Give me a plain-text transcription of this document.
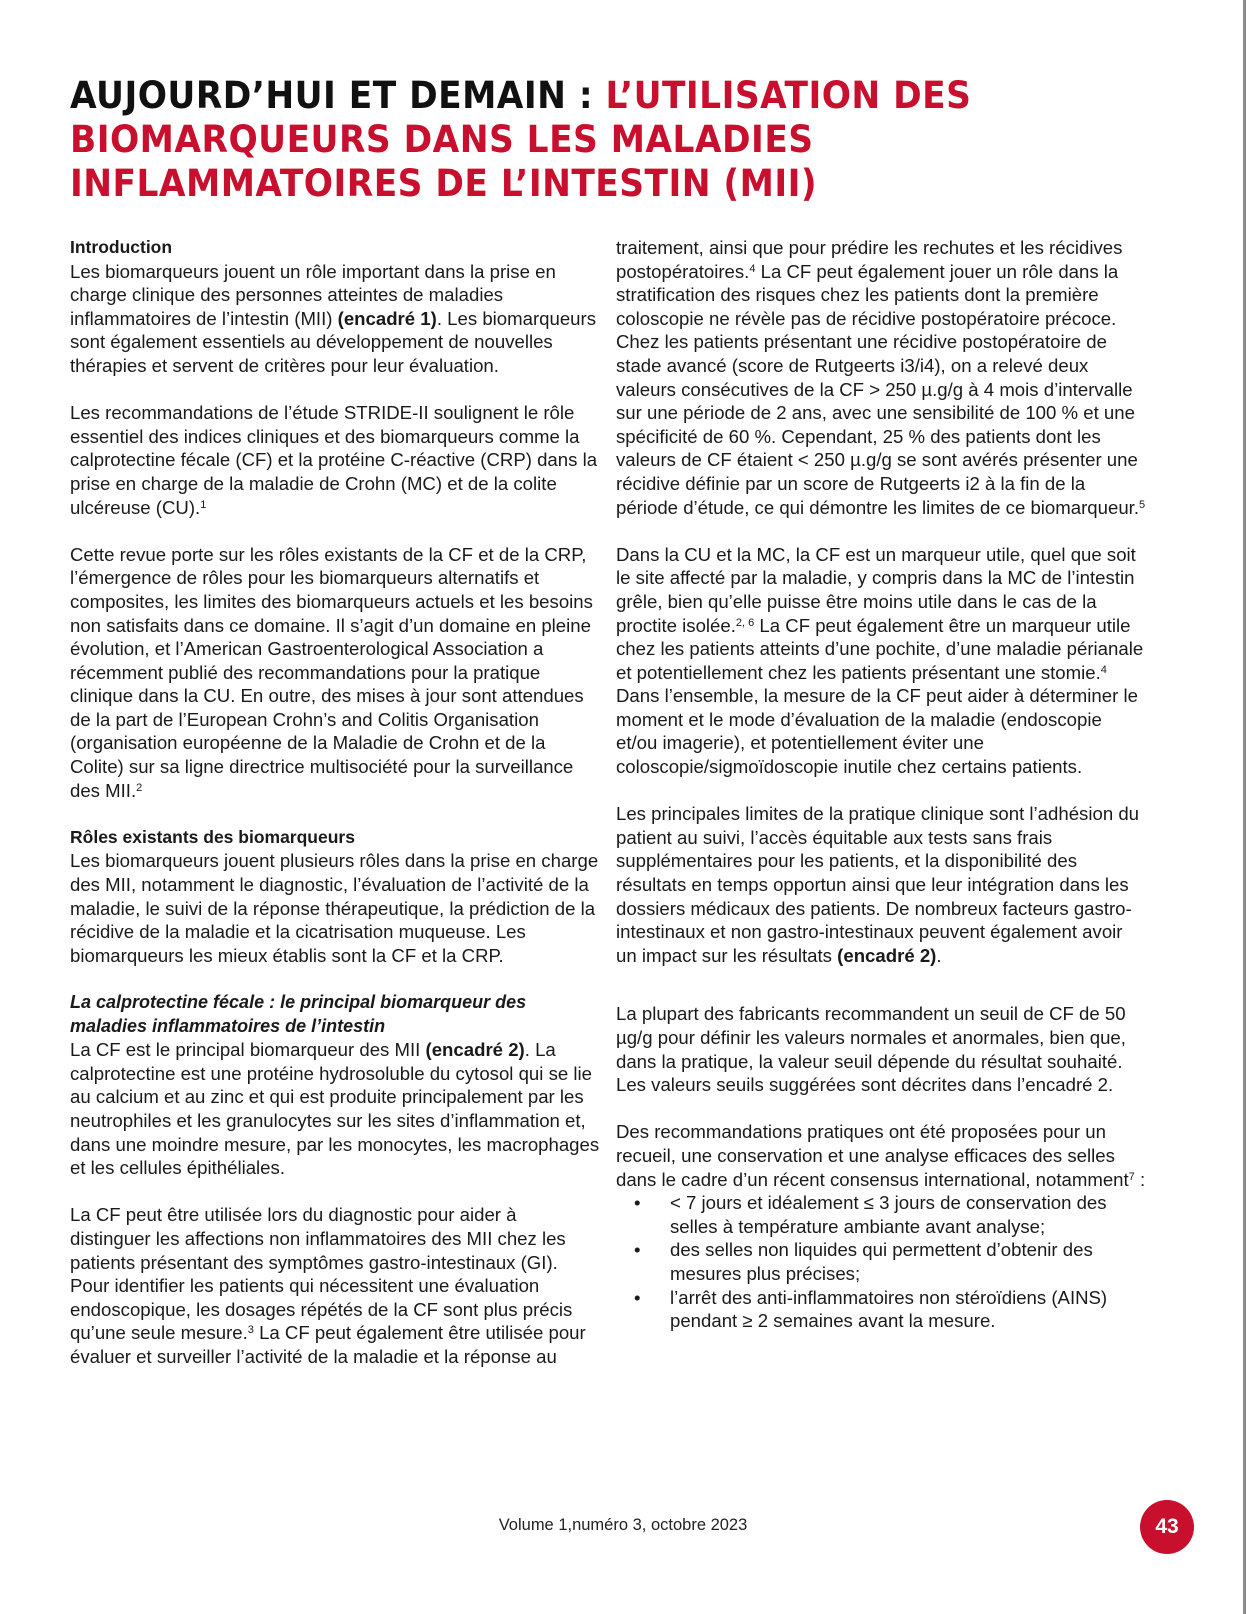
AUJOURD’HUI ET DEMAIN : L’UTILISATION DES BIOMARQUEURS DANS LES MALADIES INFLAMMATOIRES DE L’INTESTIN (MII)

Introduction
Les biomarqueurs jouent un rôle important dans la prise en charge clinique des personnes atteintes de maladies inflammatoires de l’intestin (MII) (encadré 1). Les biomarqueurs sont également essentiels au développement de nouvelles thérapies et servent de critères pour leur évaluation.

Les recommandations de l’étude STRIDE-II soulignent le rôle essentiel des indices cliniques et des biomarqueurs comme la calprotectine fécale (CF) et la protéine C-réactive (CRP) dans la prise en charge de la maladie de Crohn (MC) et de la colite ulcéreuse (CU).$^1$

Cette revue porte sur les rôles existants de la CF et de la CRP, l’émergence de rôles pour les biomarqueurs alternatifs et composites, les limites des biomarqueurs actuels et les besoins non satisfaits dans ce domaine. Il s’agit d’un domaine en pleine évolution, et l’American Gastroenterological Association a récemment publié des recommandations pour la pratique clinique dans la CU. En outre, des mises à jour sont attendues de la part de l’European Crohn’s and Colitis Organisation (organisation européenne de la Maladie de Crohn et de la Colite) sur sa ligne directrice multisociété pour la surveillance des MII.$^2$

Rôles existants des biomarqueurs
Les biomarqueurs jouent plusieurs rôles dans la prise en charge des MII, notamment le diagnostic, l’évaluation de l’activité de la maladie, le suivi de la réponse thérapeutique, la prédiction de la récidive de la maladie et la cicatrisation muqueuse. Les biomarqueurs les mieux établis sont la CF et la CRP.

La calprotectine fécale : le principal biomarqueur des maladies inflammatoires de l’intestin
La CF est le principal biomarqueur des MII (encadré 2). La calprotectine est une protéine hydrosoluble du cytosol qui se lie au calcium et au zinc et qui est produite principalement par les neutrophiles et les granulocytes sur les sites d’inflammation et, dans une moindre mesure, par les monocytes, les macrophages et les cellules épithéliales.

La CF peut être utilisée lors du diagnostic pour aider à distinguer les affections non inflammatoires des MII chez les patients présentant des symptômes gastro-intestinaux (GI). Pour identifier les patients qui nécessitent une évaluation endoscopique, les dosages répétés de la CF sont plus précis qu’une seule mesure.$^3$ La CF peut également être utilisée pour évaluer et surveiller l’activité de la maladie et la réponse au

traitement, ainsi que pour prédire les rechutes et les récidives postopératoires.$^4$ La CF peut également jouer un rôle dans la stratification des risques chez les patients dont la première coloscopie ne révèle pas de récidive postopératoire précoce. Chez les patients présentant une récidive postopératoire de stade avancé (score de Rutgeerts i3/i4), on a relevé deux valeurs consécutives de la CF > 250 µ.g/g à 4 mois d’intervalle sur une période de 2 ans, avec une sensibilité de 100 % et une spécificité de 60 %. Cependant, 25 % des patients dont les valeurs de CF étaient < 250 µ.g/g se sont avérés présenter une récidive définie par un score de Rutgeerts i2 à la fin de la période d’étude, ce qui démontre les limites de ce biomarqueur.$^5$

Dans la CU et la MC, la CF est un marqueur utile, quel que soit le site affecté par la maladie, y compris dans la MC de l’intestin grêle, bien qu’elle puisse être moins utile dans le cas de la proctite isolée.$^{2, 6}$ La CF peut également être un marqueur utile chez les patients atteints d’une pochite, d’une maladie périanale et potentiellement chez les patients présentant une stomie.$^4$ Dans l’ensemble, la mesure de la CF peut aider à déterminer le moment et le mode d’évaluation de la maladie (endoscopie et/ou imagerie), et potentiellement éviter une coloscopie/sigmoïdoscopie inutile chez certains patients.

Les principales limites de la pratique clinique sont l’adhésion du patient au suivi, l’accès équitable aux tests sans frais supplémentaires pour les patients, et la disponibilité des résultats en temps opportun ainsi que leur intégration dans les dossiers médicaux des patients. De nombreux facteurs gastro-intestinaux et non gastro-intestinaux peuvent également avoir un impact sur les résultats (encadré 2).

La plupart des fabricants recommandent un seuil de CF de 50 µg/g pour définir les valeurs normales et anormales, bien que, dans la pratique, la valeur seuil dépende du résultat souhaité. Les valeurs seuils suggérées sont décrites dans l’encadré 2.

Des recommandations pratiques ont été proposées pour un recueil, une conservation et une analyse efficaces des selles dans le cadre d’un récent consensus international, notamment$^7$ :

• < 7 jours et idéalement ≤ 3 jours de conservation des selles à température ambiante avant analyse;
• des selles non liquides qui permettent d’obtenir des mesures plus précises;
• l’arrêt des anti-inflammatoires non stéroïdiens (AINS) pendant ≥ 2 semaines avant la mesure.
Volume 1,numéro 3, octobre 2023	43
